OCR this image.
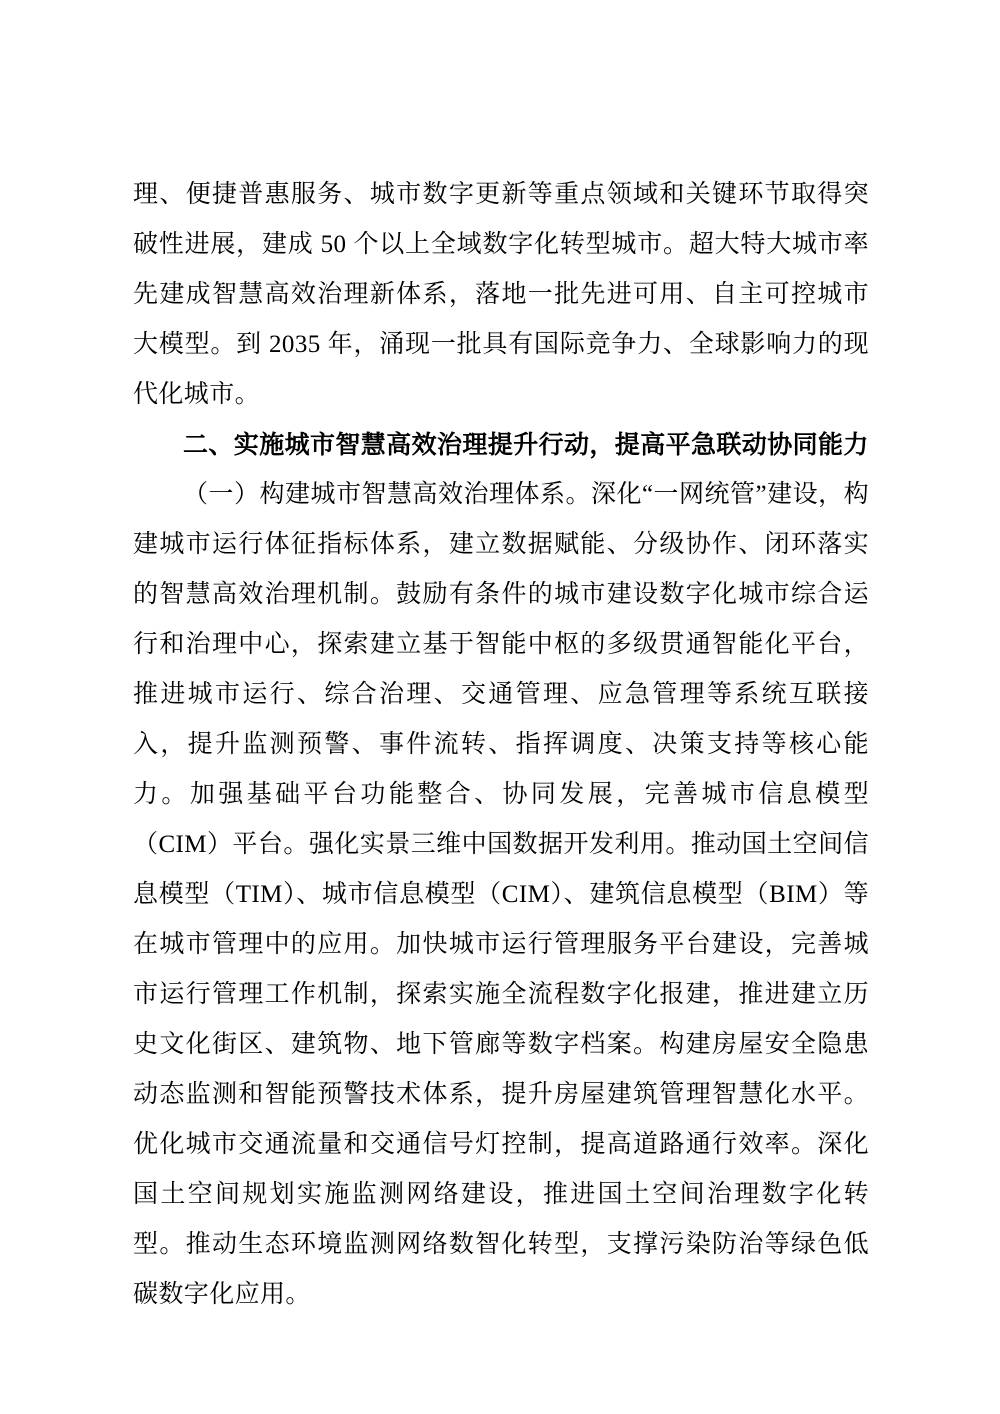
理、便捷普惠服务、城市数字更新等重点领域和关键环节取得突破性进展，建成 50 个以上全域数字化转型城市。超大特大城市率先建成智慧高效治理新体系，落地一批先进可用、自主可控城市大模型。到 2035 年，涌现一批具有国际竞争力、全球影响力的现代化城市。

二、实施城市智慧高效治理提升行动，提高平急联动协同能力

（一）构建城市智慧高效治理体系。深化“一网统管”建设，构建城市运行体征指标体系，建立数据赋能、分级协作、闭环落实的智慧高效治理机制。鼓励有条件的城市建设数字化城市综合运行和治理中心，探索建立基于智能中枢的多级贯通智能化平台，推进城市运行、综合治理、交通管理、应急管理等系统互联接入，提升监测预警、事件流转、指挥调度、决策支持等核心能力。加强基础平台功能整合、协同发展，完善城市信息模型（CIM）平台。强化实景三维中国数据开发利用。推动国土空间信息模型（TIM）、城市信息模型（CIM）、建筑信息模型（BIM）等在城市管理中的应用。加快城市运行管理服务平台建设，完善城市运行管理工作机制，探索实施全流程数字化报建，推进建立历史文化街区、建筑物、地下管廊等数字档案。构建房屋安全隐患动态监测和智能预警技术体系，提升房屋建筑管理智慧化水平。优化城市交通流量和交通信号灯控制，提高道路通行效率。深化国土空间规划实施监测网络建设，推进国土空间治理数字化转型。推动生态环境监测网络数智化转型，支撑污染防治等绿色低碳数字化应用。
